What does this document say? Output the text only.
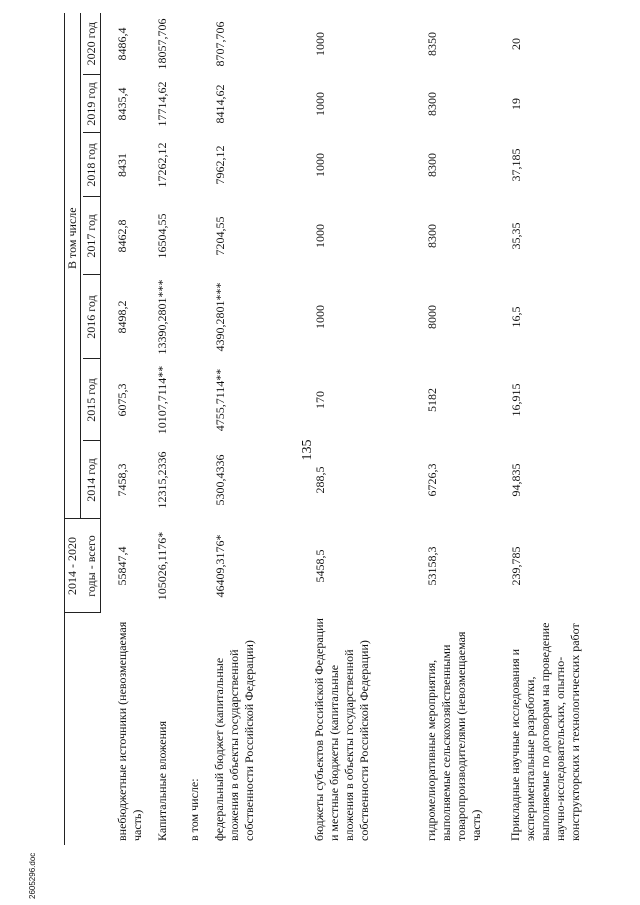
135
2605296.doc
	2014 - 2020				В том числе			

	годы - всего	2014 год	2015 год	2016 год	2017 год	2018 год	2019 год	2020 год
внебюджетные источники (невозмещаемая часть)	55847,4	7458,3	6075,3	8498,2	8462,8	8431	8435,4	8486,4
Капитальные вложения	105026,1176*	12315,2336	10107,7114**	13390,2801***	16504,55	17262,12	17714,62	18057,706
в том числе:								
федеральный бюджет (капитальные вложения в объекты государственной собственности Российской Федерации)	46409,3176*	5300,4336	4755,7114**	4390,2801***	7204,55	7962,12	8414,62	8707,706
бюджеты субъектов Российской Федерации и местные бюджеты (капитальные вложения в объекты государственной собственности Российской Федерации)	5458,5	288,5	170	1000	1000	1000	1000	1000
гидромелиоративные мероприятия, выполняемые сельскохозяйственными товаропроизводителями (невозмещаемая часть)	53158,3	6726,3	5182	8000	8300	8300	8300	8350
Прикладные научные исследования и экспериментальные разработки, выполняемые по договорам на проведение научно-исследовательских, опытно-конструкторских и технологических работ	239,785	94,835	16,915	16,5	35,35	37,185	19	20
